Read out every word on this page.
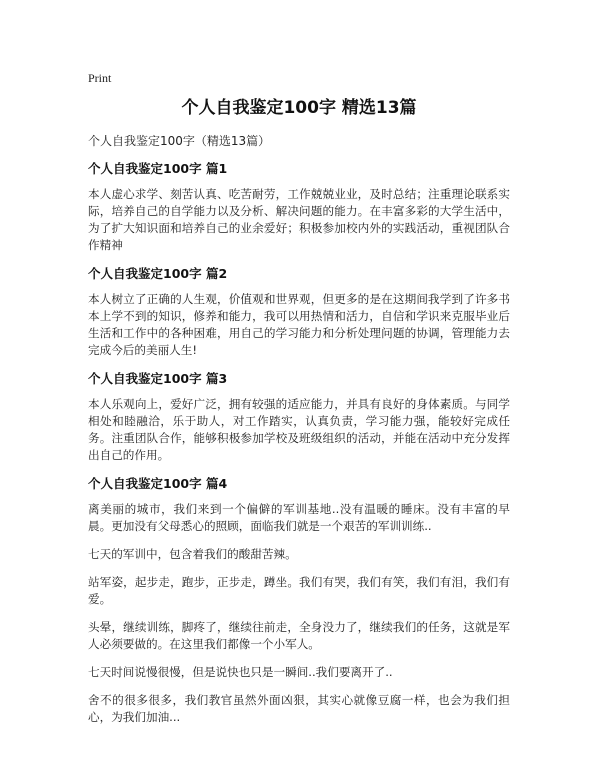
Print
个人自我鉴定100字 精选13篇
个人自我鉴定100字（精选13篇）
个人自我鉴定100字 篇1
本人虚心求学、刻苦认真、吃苦耐劳，工作兢兢业业，及时总结；注重理论联系实际，培养自己的自学能力以及分析、解决问题的能力。在丰富多彩的大学生活中，为了扩大知识面和培养自己的业余爱好；积极参加校内外的实践活动，重视团队合作精神
个人自我鉴定100字 篇2
本人树立了正确的人生观，价值观和世界观，但更多的是在这期间我学到了许多书本上学不到的知识，修养和能力，我可以用热情和活力，自信和学识来克服毕业后生活和工作中的各种困难，用自己的学习能力和分析处理问题的协调，管理能力去完成今后的美丽人生!
个人自我鉴定100字 篇3
本人乐观向上，爱好广泛，拥有较强的适应能力，并具有良好的身体素质。与同学相处和睦融洽，乐于助人，对工作踏实，认真负责，学习能力强，能较好完成任务。注重团队合作，能够积极参加学校及班级组织的活动，并能在活动中充分发挥出自己的作用。
个人自我鉴定100字 篇4
离美丽的城市，我们来到一个偏僻的军训基地..没有温暖的睡床。没有丰富的早晨。更加没有父母悉心的照顾，面临我们就是一个艰苦的军训训练..
七天的军训中，包含着我们的酸甜苦辣。
站军姿，起步走，跑步，正步走，蹲坐。我们有哭，我们有笑，我们有泪，我们有爱。
头晕，继续训练，脚疼了，继续往前走，全身没力了，继续我们的任务，这就是军人必须要做的。在这里我们都像一个小军人。
七天时间说慢很慢，但是说快也只是一瞬间..我们要离开了..
舍不的很多很多，我们教官虽然外面凶狠，其实心就像豆腐一样，也会为我们担心，为我们加油...
